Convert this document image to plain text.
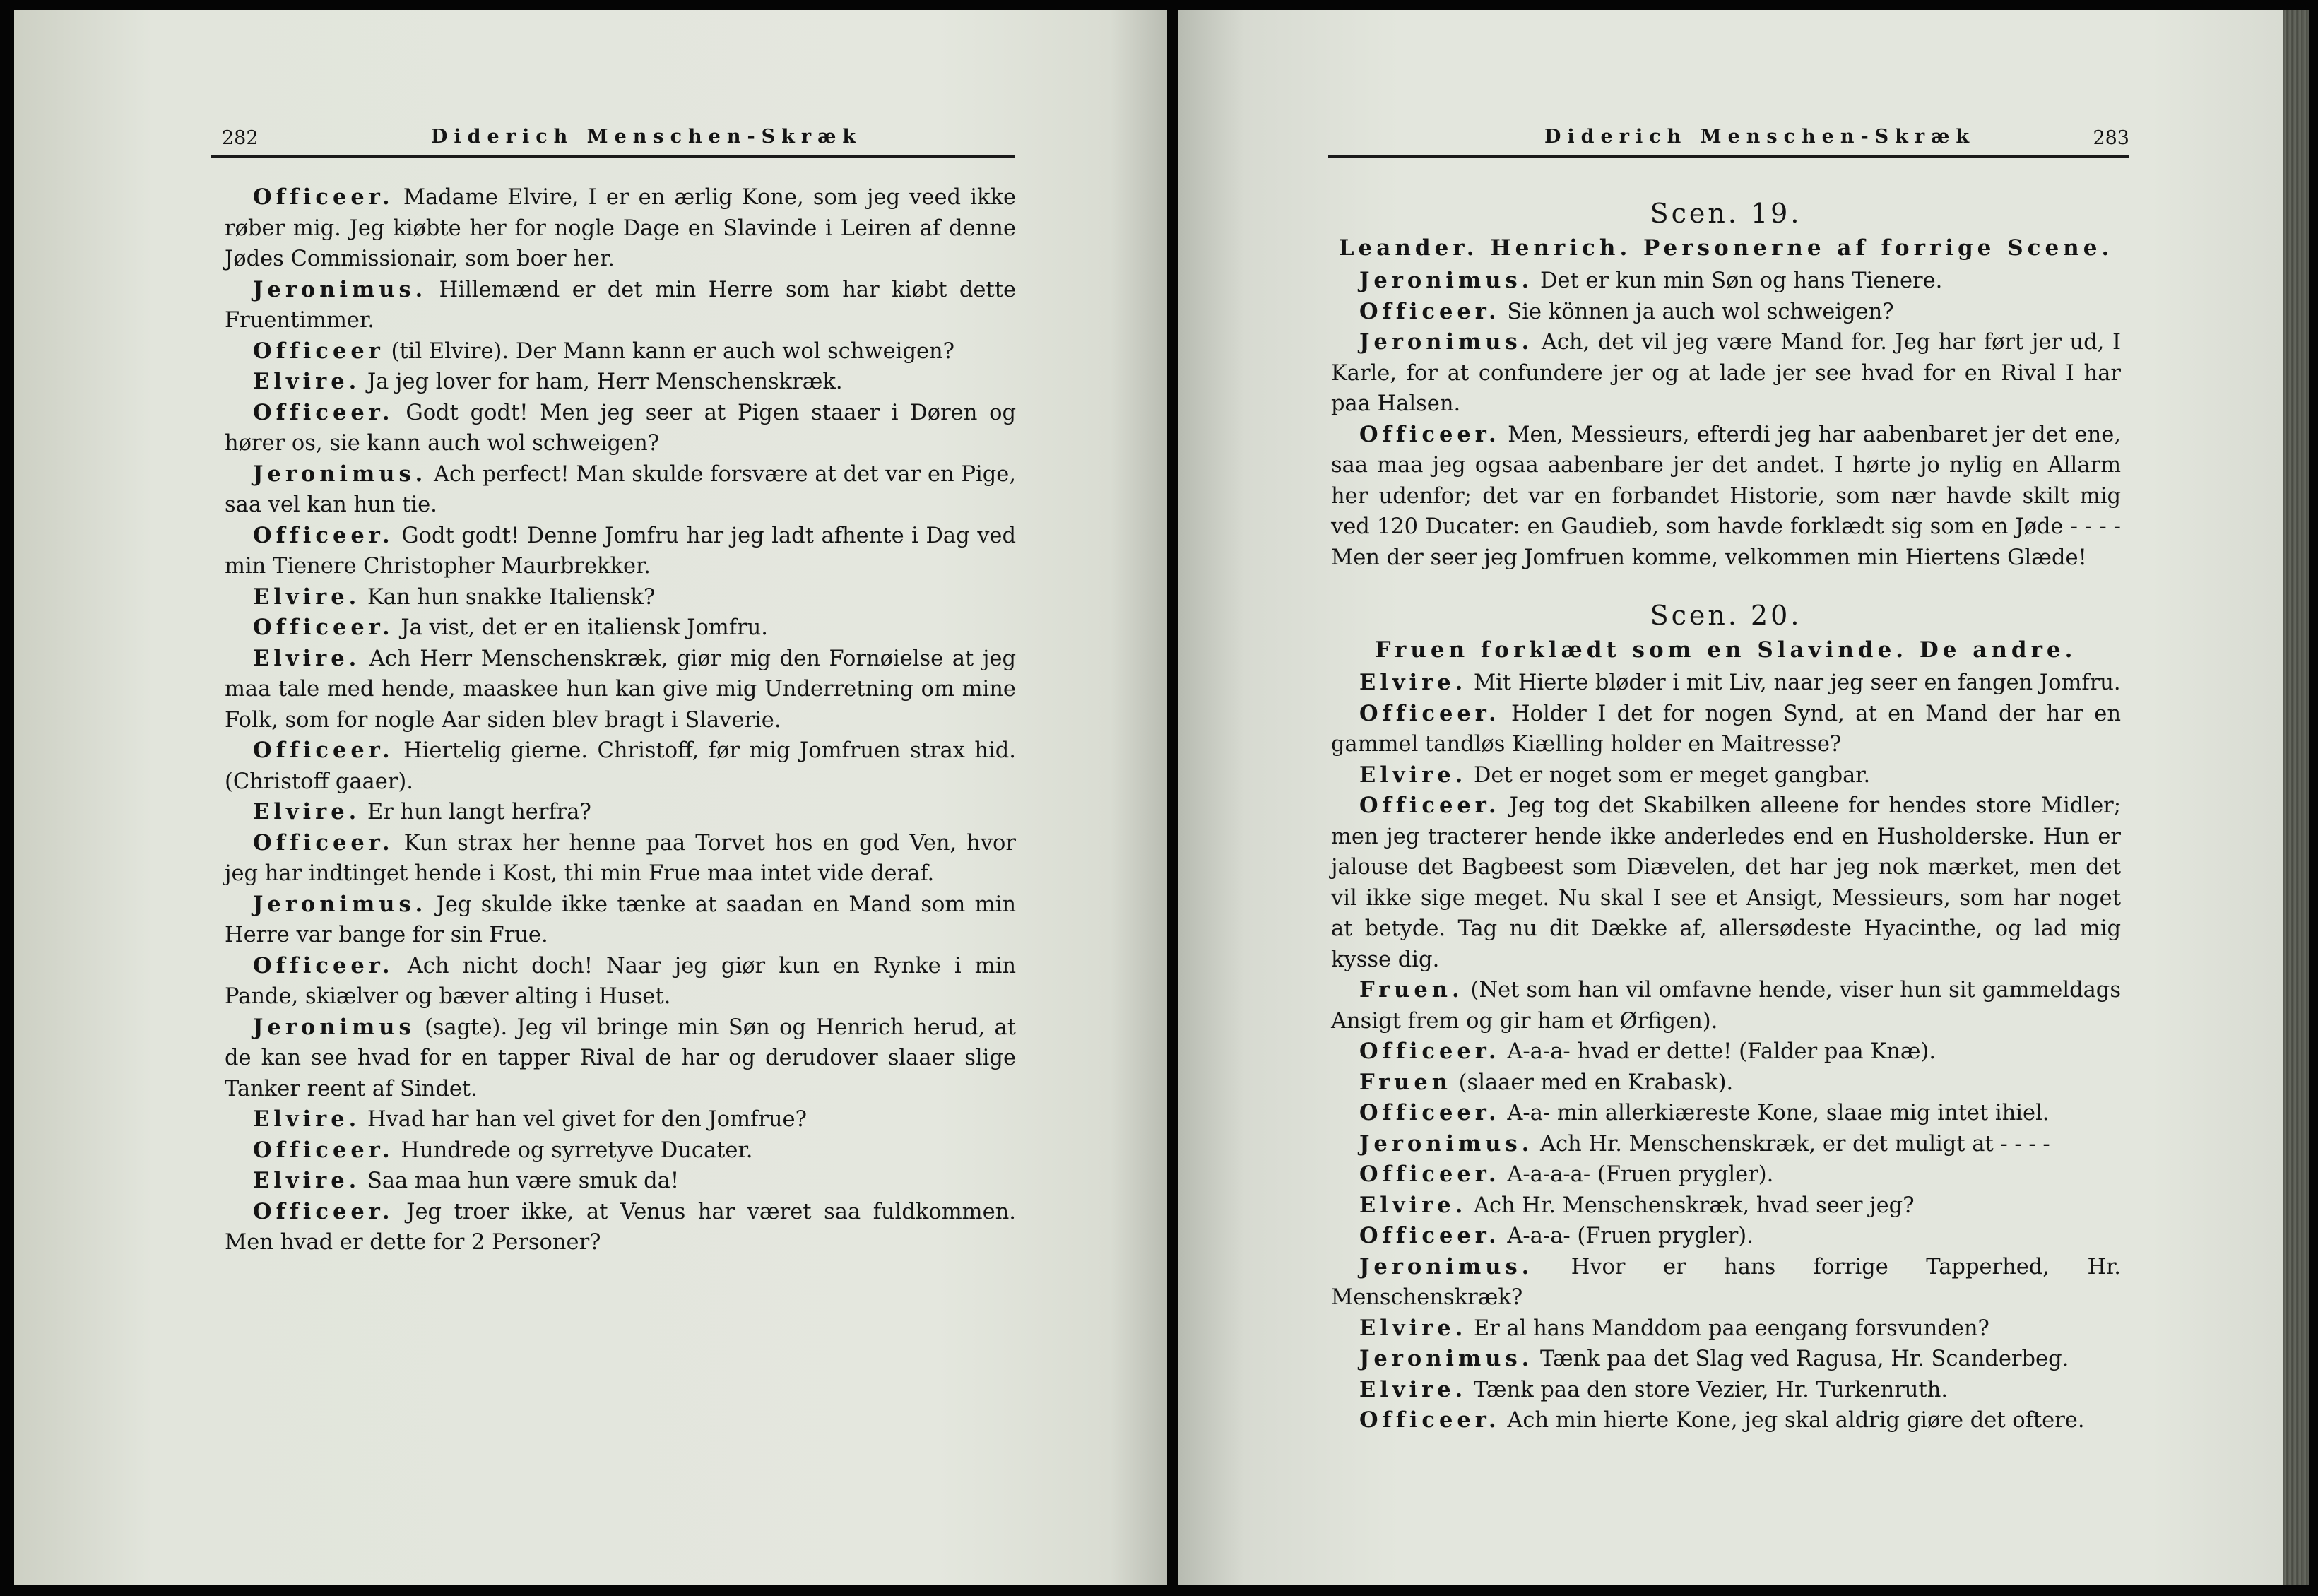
282	Diderich Menschen-Skræk

Officeer. Madame Elvire, I er en ærlig Kone, som jeg veed ikke røber mig. Jeg kiøbte her for nogle Dage en Slavinde i Leiren af denne Jødes Commissionair, som boer her.

Jeronimus. Hillemænd er det min Herre som har kiøbt dette Fruentimmer.

Officeer (til Elvire). Der Mann kann er auch wol schweigen?

Elvire. Ja jeg lover for ham, Herr Menschenskræk.

Officeer. Godt godt! Men jeg seer at Pigen staaer i Døren og hører os, sie kann auch wol schweigen?

Jeronimus. Ach perfect! Man skulde forsvære at det var en Pige, saa vel kan hun tie.

Officeer. Godt godt! Denne Jomfru har jeg ladt afhente i Dag ved min Tienere Christopher Maurbrekker.

Elvire. Kan hun snakke Italiensk?

Officeer. Ja vist, det er en italiensk Jomfru.

Elvire. Ach Herr Menschenskræk, giør mig den Fornøielse at jeg maa tale med hende, maaskee hun kan give mig Underretning om mine Folk, som for nogle Aar siden blev bragt i Slaverie.

Officeer. Hiertelig gierne. Christoff, før mig Jomfruen strax hid. (Christoff gaaer).

Elvire. Er hun langt herfra?

Officeer. Kun strax her henne paa Torvet hos en god Ven, hvor jeg har indtinget hende i Kost, thi min Frue maa intet vide deraf.

Jeronimus. Jeg skulde ikke tænke at saadan en Mand som min Herre var bange for sin Frue.

Officeer. Ach nicht doch! Naar jeg giør kun en Rynke i min Pande, skiælver og bæver alting i Huset.

Jeronimus (sagte). Jeg vil bringe min Søn og Henrich herud, at de kan see hvad for en tapper Rival de har og derudover slaaer slige Tanker reent af Sindet.

Elvire. Hvad har han vel givet for den Jomfrue?

Officeer. Hundrede og syrretyve Ducater.

Elvire. Saa maa hun være smuk da!

Officeer. Jeg troer ikke, at Venus har været saa fuldkommen. Men hvad er dette for 2 Personer?

Diderich Menschen-Skræk	283
Scen. 19.
Leander. Henrich. Personerne af forrige Scene.

Jeronimus. Det er kun min Søn og hans Tienere.

Officeer. Sie können ja auch wol schweigen?

Jeronimus. Ach, det vil jeg være Mand for. Jeg har ført jer ud, I Karle, for at confundere jer og at lade jer see hvad for en Rival I har paa Halsen.

Officeer. Men, Messieurs, efterdi jeg har aabenbaret jer det ene, saa maa jeg ogsaa aabenbare jer det andet. I hørte jo nylig en Allarm her udenfor; det var en forbandet Historie, som nær havde skilt mig ved 120 Ducater: en Gaudieb, som havde forklædt sig som en Jøde - - - - Men der seer jeg Jomfruen komme, velkommen min Hiertens Glæde!

Scen. 20.
Fruen forklædt som en Slavinde. De andre.

Elvire. Mit Hierte bløder i mit Liv, naar jeg seer en fangen Jomfru.

Officeer. Holder I det for nogen Synd, at en Mand der har en gammel tandløs Kiælling holder en Maitresse?

Elvire. Det er noget som er meget gangbar.

Officeer. Jeg tog det Skabilken alleene for hendes store Midler; men jeg tracterer hende ikke anderledes end en Husholderske. Hun er jalouse det Bagbeest som Diævelen, det har jeg nok mærket, men det vil ikke sige meget. Nu skal I see et Ansigt, Messieurs, som har noget at betyde. Tag nu dit Dække af, allersødeste Hyacinthe, og lad mig kysse dig.

Fruen. (Net som han vil omfavne hende, viser hun sit gammeldags Ansigt frem og gir ham et Ørfigen).

Officeer. A-a-a- hvad er dette! (Falder paa Knæ).

Fruen (slaaer med en Krabask).

Officeer. A-a- min allerkiæreste Kone, slaae mig intet ihiel.

Jeronimus. Ach Hr. Menschenskræk, er det muligt at - - - -

Officeer. A-a-a-a- (Fruen prygler).

Elvire. Ach Hr. Menschenskræk, hvad seer jeg?

Officeer. A-a-a- (Fruen prygler).

Jeronimus. Hvor er hans forrige Tapperhed, Hr. Menschenskræk?

Elvire. Er al hans Manddom paa eengang forsvunden?

Jeronimus. Tænk paa det Slag ved Ragusa, Hr. Scanderbeg.

Elvire. Tænk paa den store Vezier, Hr. Turkenruth.

Officeer. Ach min hierte Kone, jeg skal aldrig giøre det oftere.
